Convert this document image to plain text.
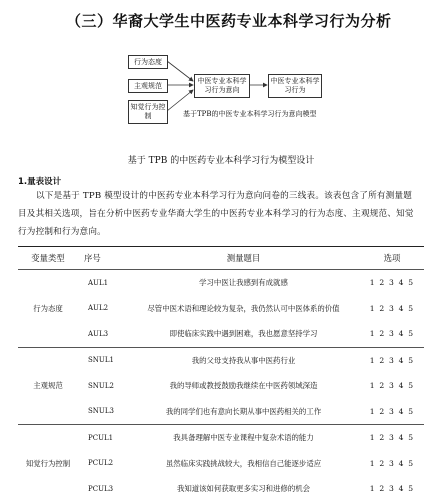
（三）华裔大学生中医药专业本科学习行为分析
行为态度
主观规范
知觉行为控制
中医专业本科学习行为意向
中医专业本科学习行为
基于TPB的中医专业本科学习行为意向模型
基于 TPB 的中医药专业本科学习行为模型设计
1.量表设计
以下是基于 TPB 模型设计的中医药专业本科学习行为意向问卷的三线表。该表包含了所有测量题目及其相关选项，旨在分析中医药专业华裔大学生的中医药专业本科学习的行为态度、主观规范、知觉行为控制和行为意向。
变量类型	序号	测量题目	选项
行为态度	AUL1	学习中医让我感到有成就感	1 2 3 4 5
	AUL2	尽管中医术语和理论较为复杂，我仍然认可中医体系的价值	1 2 3 4 5
	AUL3	即使临床实践中遇到困难，我也愿意坚持学习	1 2 3 4 5
主观规范	SNUL1	我的父母支持我从事中医药行业	1 2 3 4 5
	SNUL2	我的导师或教授鼓励我继续在中医药领域深造	1 2 3 4 5
	SNUL3	我的同学们也有意向长期从事中医药相关的工作	1 2 3 4 5
知觉行为控制	PCUL1	我具备理解中医专业课程中复杂术语的能力	1 2 3 4 5
	PCUL2	虽然临床实践挑战较大，我相信自己能逐步适应	1 2 3 4 5
	PCUL3	我知道该如何获取更多实习和进修的机会	1 2 3 4 5
